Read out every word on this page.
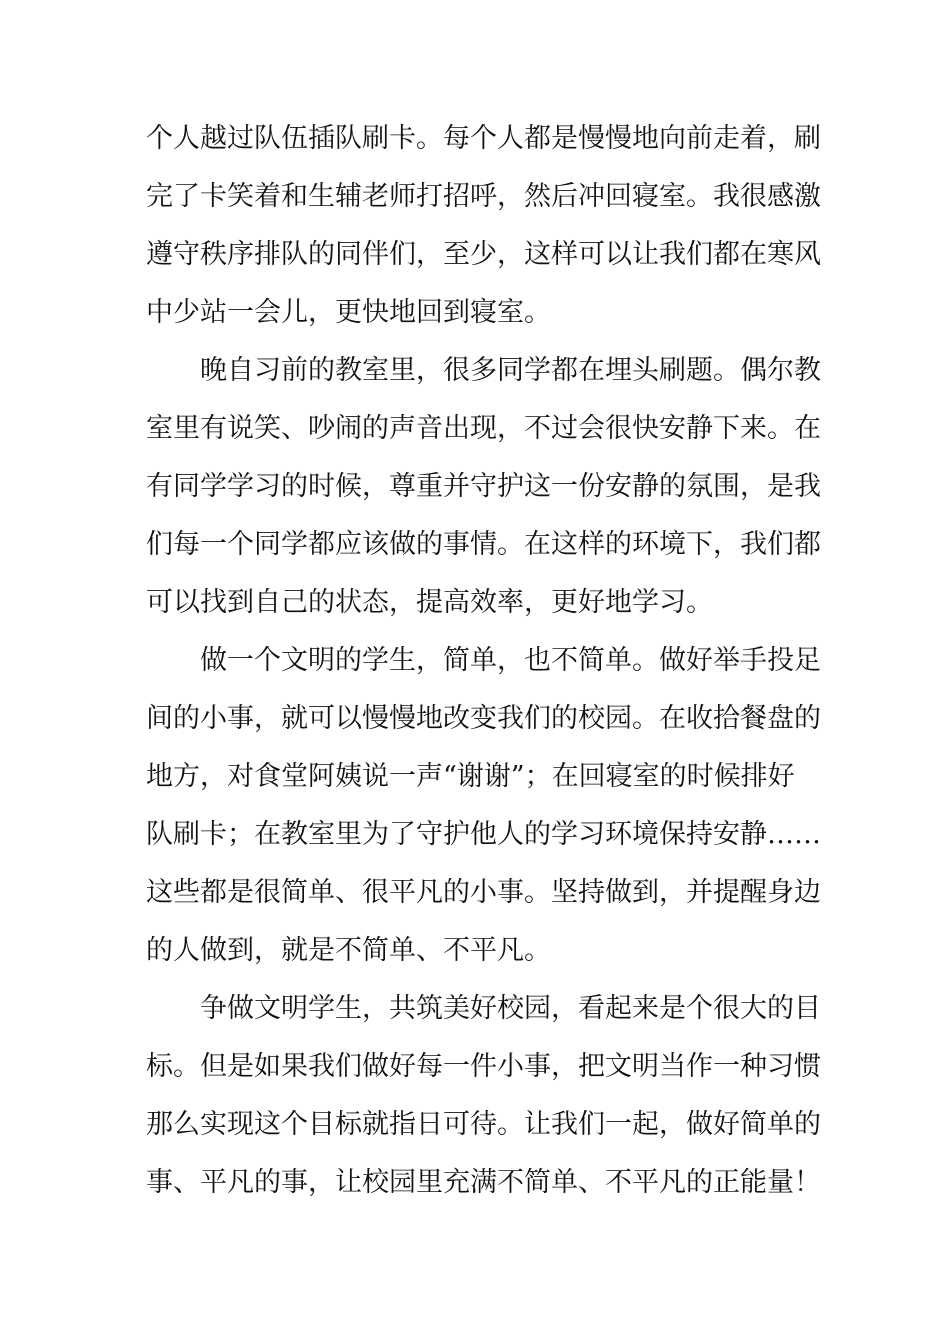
个人越过队伍插队刷卡。每个人都是慢慢地向前走着，刷
完了卡笑着和生辅老师打招呼，然后冲回寝室。我很感激
遵守秩序排队的同伴们，至少，这样可以让我们都在寒风
中少站一会儿，更快地回到寝室。
晚自习前的教室里，很多同学都在埋头刷题。偶尔教
室里有说笑、吵闹的声音出现，不过会很快安静下来。在
有同学学习的时候，尊重并守护这一份安静的氛围，是我
们每一个同学都应该做的事情。在这样的环境下，我们都
可以找到自己的状态，提高效率，更好地学习。
做一个文明的学生，简单，也不简单。做好举手投足
间的小事，就可以慢慢地改变我们的校园。在收拾餐盘的
地方，对食堂阿姨说一声“谢谢”；在回寝室的时候排好
队刷卡；在教室里为了守护他人的学习环境保持安静……
这些都是很简单、很平凡的小事。坚持做到，并提醒身边
的人做到，就是不简单、不平凡。
争做文明学生，共筑美好校园，看起来是个很大的目
标。但是如果我们做好每一件小事，把文明当作一种习惯
那么实现这个目标就指日可待。让我们一起，做好简单的
事、平凡的事，让校园里充满不简单、不平凡的正能量！
